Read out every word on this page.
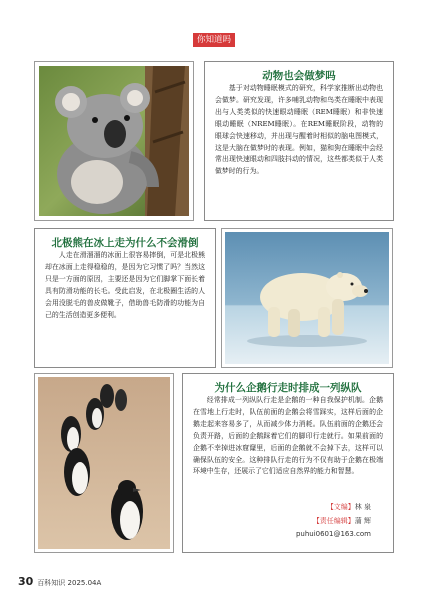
你知道吗
动物也会做梦吗

基于对动物睡眠模式的研究，科学家推断出动物也会做梦。研究发现，许多哺乳动物和鸟类在睡眠中表现出与人类类似的快速眼动睡眠（REM睡眠）和非快速眼动睡眠（NREM睡眠）。在REM睡眠阶段，动物的眼球会快速移动，并出现与醒着时相似的脑电图模式，这是大脑在做梦时的表现。例如，猫和狗在睡眠中会经常出现快速眼动和四肢抖动的情况，这些都类似于人类做梦时的行为。

北极熊在冰上走为什么不会滑倒

人走在滑溜溜的冰面上很容易摔倒，可是北极熊却在冰面上走得稳稳的，是因为它习惯了吗？当然这只是一方面的原因，主要还是因为它们脚掌下面长着具有防滑功能的长毛。受此启发，在北极圈生活的人会用没脱毛的兽皮做靴子，借助兽毛防滑的功能为自己的生活创造更多便利。

为什么企鹅行走时排成一列纵队

经常排成一列纵队行走是企鹅的一种自我保护机制。企鹅在雪地上行走时，队伍前面的企鹅会将雪踩实，这样后面的企鹅走起来容易多了，从而减少体力消耗。队伍前面的企鹅还会负责开路，后面的企鹅踩着它们的脚印行走就行。如果前面的企鹅不幸掉进冰窟窿里，后面的企鹅就不会掉下去，这样可以确保队伍的安全。这种排队行走的行为不仅有助于企鹅在极端环境中生存，还展示了它们适应自然界的能力和智慧。

【文编】林 泉
【责任编辑】蒲 辉
puhui0601@163.com
30 百科知识 2025.04A
